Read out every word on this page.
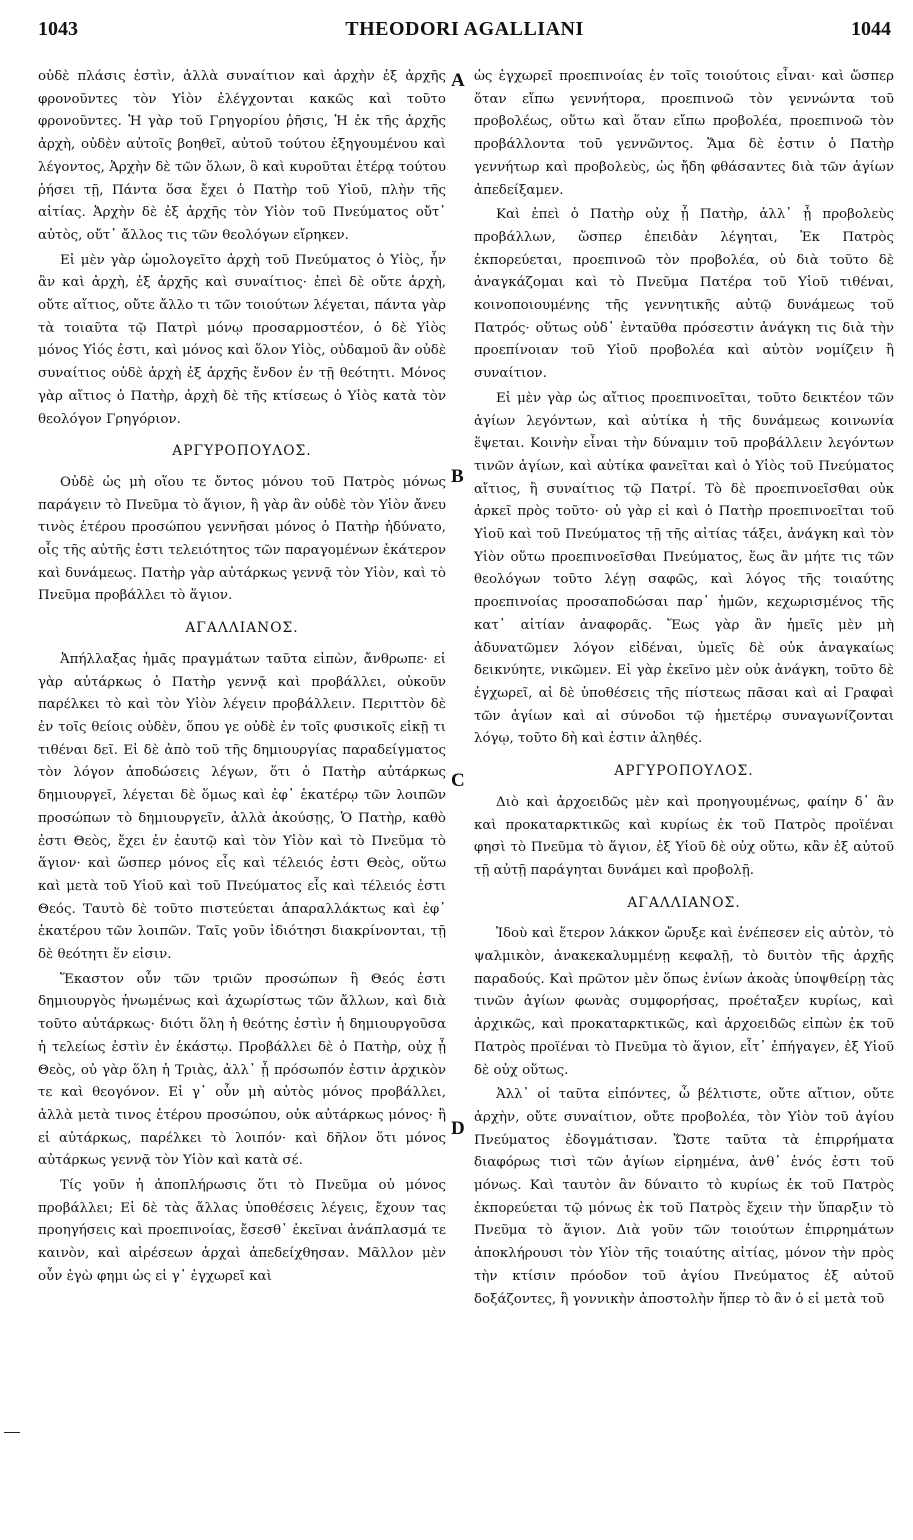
1043	THEODORI AGALLIANI	1044

οὐδὲ πλάσις ἐστὶν, ἀλλὰ συναίτιον καὶ ἀρχὴν ἐξ ἀρχῆς φρονοῦντες τὸν Υἱὸν ἐλέγχονται κακῶς καὶ τοῦτο φρονοῦντες. Ἡ γὰρ τοῦ Γρηγορίου ῥῆσις, Ἡ ἐκ τῆς ἀρχῆς ἀρχὴ, οὐδὲν αὐτοῖς βοηθεῖ, αὐτοῦ τούτου ἐξηγουμένου καὶ λέγοντος, Ἀρχὴν δὲ τῶν ὅλων, ὃ καὶ κυροῦται ἑτέρᾳ τούτου ῥήσει τῇ, Πάντα ὅσα ἔχει ὁ Πατὴρ τοῦ Υἱοῦ, πλὴν τῆς αἰτίας. Ἀρχὴν δὲ ἐξ ἀρχῆς τὸν Υἱὸν τοῦ Πνεύματος οὔτ᾽ αὐτὸς, οὔτ᾽ ἄλλος τις τῶν θεολόγων εἴρηκεν.

Εἰ μὲν γὰρ ὡμολογεῖτο ἀρχὴ τοῦ Πνεύματος ὁ Υἱὸς, ἦν ἂν καὶ ἀρχὴ, ἐξ ἀρχῆς καὶ συναίτιος· ἐπεὶ δὲ οὔτε ἀρχὴ, οὔτε αἴτιος, οὔτε ἄλλο τι τῶν τοιούτων λέγεται, πάντα γὰρ τὰ τοιαῦτα τῷ Πατρὶ μόνῳ προσαρμοστέον, ὁ δὲ Υἱὸς μόνος Υἱός ἐστι, καὶ μόνος καὶ ὅλον Υἱὸς, οὐδαμοῦ ἂν οὐδὲ συναίτιος οὐδὲ ἀρχὴ ἐξ ἀρχῆς ἔνδον ἐν τῇ θεότητι. Μόνος γὰρ αἴτιος ὁ Πατὴρ, ἀρχὴ δὲ τῆς κτίσεως ὁ Υἱὸς κατὰ τὸν θεολόγον Γρηγόριον.

ΑΡΓΥΡΟΠΟΥΛΟΣ.

Οὐδὲ ὡς μὴ οἵου τε ὄντος μόνου τοῦ Πατρὸς μόνως παράγειν τὸ Πνεῦμα τὸ ἅγιον, ἢ γὰρ ἂν οὐδὲ τὸν Υἱὸν ἄνευ τινὸς ἑτέρου προσώπου γεννῆσαι μόνος ὁ Πατὴρ ἠδύνατο, οἷς τῆς αὐτῆς ἐστι τελειότητος τῶν παραγομένων ἑκάτερον καὶ δυνάμεως. Πατὴρ γὰρ αὐτάρκως γεννᾷ τὸν Υἱὸν, καὶ τὸ Πνεῦμα προβάλλει τὸ ἅγιον.

ΑΓΑΛΛΙΑΝΟΣ.

Ἀπήλλαξας ἡμᾶς πραγμάτων ταῦτα εἰπὼν, ἄνθρωπε· εἰ γὰρ αὐτάρκως ὁ Πατὴρ γεννᾷ καὶ προβάλλει, οὐκοῦν παρέλκει τὸ καὶ τὸν Υἱὸν λέγειν προβάλλειν. Περιττὸν δὲ ἐν τοῖς θείοις οὐδὲν, ὅπου γε οὐδὲ ἐν τοῖς φυσικοῖς εἰκῇ τι τιθέναι δεῖ. Εἰ δὲ ἀπὸ τοῦ τῆς δημιουργίας παραδείγματος τὸν λόγον ἀποδώσεις λέγων, ὅτι ὁ Πατὴρ αὐτάρκως δημιουργεῖ, λέγεται δὲ ὅμως καὶ ἐφ᾽ ἑκατέρῳ τῶν λοιπῶν προσώπων τὸ δημιουργεῖν, ἀλλὰ ἀκούσῃς, Ὁ Πατὴρ, καθὸ ἐστι Θεὸς, ἔχει ἐν ἑαυτῷ καὶ τὸν Υἱὸν καὶ τὸ Πνεῦμα τὸ ἅγιον· καὶ ὥσπερ μόνος εἷς καὶ τέλειός ἐστι Θεὸς, οὕτω καὶ μετὰ τοῦ Υἱοῦ καὶ τοῦ Πνεύματος εἷς καὶ τέλειός ἐστι Θεός. Ταυτὸ δὲ τοῦτο πιστεύεται ἀπαραλλάκτως καὶ ἐφ᾽ ἑκατέρου τῶν λοιπῶν. Ταῖς γοῦν ἰδιότησι διακρίνονται, τῇ δὲ θεότητι ἕν εἰσιν.

Ἕκαστον οὖν τῶν τριῶν προσώπων ἢ Θεός ἐστι δημιουργὸς ἡνωμένως καὶ ἀχωρίστως τῶν ἄλλων, καὶ διὰ τοῦτο αὐτάρκως· διότι ὅλη ἡ θεότης ἐστὶν ἡ δημιουργοῦσα ἡ τελείως ἐστὶν ἐν ἑκάστῳ. Προβάλλει δὲ ὁ Πατὴρ, οὐχ ᾗ Θεὸς, οὐ γὰρ ὅλη ἡ Τριὰς, ἀλλ᾽ ᾗ πρόσωπόν ἐστιν ἀρχικὸν τε καὶ θεογόνον. Εἰ γ᾽ οὖν μὴ αὐτὸς μόνος προβάλλει, ἀλλὰ μετὰ τινος ἑτέρου προσώπου, οὐκ αὐτάρκως μόνος· ἢ εἰ αὐτάρκως, παρέλκει τὸ λοιπόν· καὶ δῆλον ὅτι μόνος αὐτάρκως γεννᾷ τὸν Υἱὸν καὶ κατὰ σέ.

Τίς γοῦν ἡ ἀποπλήρωσις ὅτι τὸ Πνεῦμα οὐ μόνος προβάλλει; Εἰ δὲ τὰς ἄλλας ὑποθέσεις λέγεις, ἔχουν τας προηγήσεις καὶ προεπινοίας, ἔσεσθ᾽ ἐκεῖναι ἀνάπλασμά τε καινὸν, καὶ αἱρέσεων ἀρχαὶ ἀπεδείχθησαν. Μᾶλλον μὲν οὖν ἐγὼ φημι ὡς εἰ γ᾽ ἐγχωρεῖ καὶ

ὡς ἐγχωρεῖ προεπινοίας ἐν τοῖς τοιούτοις εἶναι· καὶ ὥσπερ ὅταν εἴπω γεννήτορα, προεπινοῶ τὸν γεννώντα τοῦ προβολέως, οὕτω καὶ ὅταν εἴπω προβολέα, προεπινοῶ τὸν προβάλλοντα τοῦ γεννῶντος. Ἅμα δὲ ἐστιν ὁ Πατὴρ γεννήτωρ καὶ προβολεὺς, ὡς ἤδη φθάσαντες διὰ τῶν ἁγίων ἀπεδείξαμεν.

Καὶ ἐπεὶ ὁ Πατὴρ οὐχ ᾗ Πατὴρ, ἀλλ᾽ ᾗ προβολεὺς προβάλλων, ὥσπερ ἐπειδὰν λέγηται, Ἐκ Πατρὸς ἐκπορεύεται, προεπινοῶ τὸν προβολέα, οὐ διὰ τοῦτο δὲ ἀναγκάζομαι καὶ τὸ Πνεῦμα Πατέρα τοῦ Υἱοῦ τιθέναι, κοινοποιουμένης τῆς γεννητικῆς αὐτῷ δυνάμεως τοῦ Πατρός· οὕτως οὐδ᾽ ἐνταῦθα πρόσεστιν ἀνάγκη τις διὰ τὴν προεπίνοιαν τοῦ Υἱοῦ προβολέα καὶ αὐτὸν νομίζειν ἢ συναίτιον.

Εἰ μὲν γὰρ ὡς αἴτιος προεπινοεῖται, τοῦτο δεικτέον τῶν ἁγίων λεγόντων, καὶ αὐτίκα ἡ τῆς δυνάμεως κοινωνία ἕψεται. Κοινὴν εἶναι τὴν δύναμιν τοῦ προβάλλειν λεγόντων τινῶν ἁγίων, καὶ αὐτίκα φανεῖται καὶ ὁ Υἱὸς τοῦ Πνεύματος αἴτιος, ἢ συναίτιος τῷ Πατρί. Τὸ δὲ προεπινοεῖσθαι οὐκ ἀρκεῖ πρὸς τοῦτο· οὐ γὰρ εἰ καὶ ὁ Πατὴρ προεπινοεῖται τοῦ Υἱοῦ καὶ τοῦ Πνεύματος τῇ τῆς αἰτίας τάξει, ἀνάγκη καὶ τὸν Υἱὸν οὕτω προεπινοεῖσθαι Πνεύματος, ἕως ἂν μήτε τις τῶν θεολόγων τοῦτο λέγῃ σαφῶς, καὶ λόγος τῆς τοιαύτης προεπινοίας προσαποδώσαι παρ᾽ ἡμῶν, κεχωρισμένος τῆς κατ᾽ αἰτίαν ἀναφορᾶς. Ἕως γὰρ ἂν ἡμεῖς μὲν μὴ ἀδυνατῶμεν λόγον εἰδέναι, ὑμεῖς δὲ οὐκ ἀναγκαίως δεικνύητε, νικῶμεν. Εἰ γὰρ ἐκεῖνο μὲν οὐκ ἀνάγκη, τοῦτο δὲ ἐγχωρεῖ, αἱ δὲ ὑποθέσεις τῆς πίστεως πᾶσαι καὶ αἱ Γραφαὶ τῶν ἁγίων καὶ αἱ σύνοδοι τῷ ἡμετέρῳ συναγωνίζονται λόγῳ, τοῦτο δὴ καὶ ἐστιν ἀληθές.

ΑΡΓΥΡΟΠΟΥΛΟΣ.

Διὸ καὶ ἀρχοειδῶς μὲν καὶ προηγουμένως, φαίην δ᾽ ἂν καὶ προκαταρκτικῶς καὶ κυρίως ἐκ τοῦ Πατρὸς προϊέναι φησὶ τὸ Πνεῦμα τὸ ἅγιον, ἐξ Υἱοῦ δὲ οὐχ οὕτω, κἂν ἐξ αὐτοῦ τῇ αὐτῇ παράγηται δυνάμει καὶ προβολῇ.

ΑΓΑΛΛΙΑΝΟΣ.

Ἰδοὺ καὶ ἕτερον λάκκον ὤρυξε καὶ ἐνέπεσεν εἰς αὐτὸν, τὸ ψαλμικὸν, ἀνακεκαλυμμένῃ κεφαλῇ, τὸ δυιτὸν τῆς ἀρχῆς παραδούς. Καὶ πρῶτον μὲν ὅπως ἐνίων ἀκοὰς ὑποψθείρῃ τὰς τινῶν ἁγίων φωνὰς συμφορήσας, προέταξεν κυρίως, καὶ ἀρχικῶς, καὶ προκαταρκτικῶς, καὶ ἀρχοειδῶς εἰπὼν ἐκ τοῦ Πατρὸς προϊέναι τὸ Πνεῦμα τὸ ἅγιον, εἶτ᾽ ἐπήγαγεν, ἐξ Υἱοῦ δὲ οὐχ οὕτως.

Ἀλλ᾽ οἱ ταῦτα εἰπόντες, ὦ βέλτιστε, οὔτε αἴτιον, οὔτε ἀρχὴν, οὔτε συναίτιον, οὔτε προβολέα, τὸν Υἱὸν τοῦ ἁγίου Πνεύματος ἐδογμάτισαν. Ὥστε ταῦτα τὰ ἐπιρρήματα διαφόρως τισὶ τῶν ἁγίων εἰρημένα, ἀνθ᾽ ἑνός ἐστι τοῦ μόνως. Καὶ ταυτὸν ἂν δύναιτο τὸ κυρίως ἐκ τοῦ Πατρὸς ἐκπορεύεται τῷ μόνως ἐκ τοῦ Πατρὸς ἔχειν τὴν ὕπαρξιν τὸ Πνεῦμα τὸ ἅγιον. Διὰ γοῦν τῶν τοιούτων ἐπιρρημάτων ἀποκλήρουσι τὸν Υἱὸν τῆς τοιαύτης αἰτίας, μόνον τὴν πρὸς τὴν κτίσιν πρόοδον τοῦ ἁγίου Πνεύματος ἐξ αὐτοῦ δοξάζοντες, ἢ γοννικὴν ἀποστολὴν ἥπερ τὸ ἂν ὁ εἰ μετὰ τοῦ

A
B
C
D
